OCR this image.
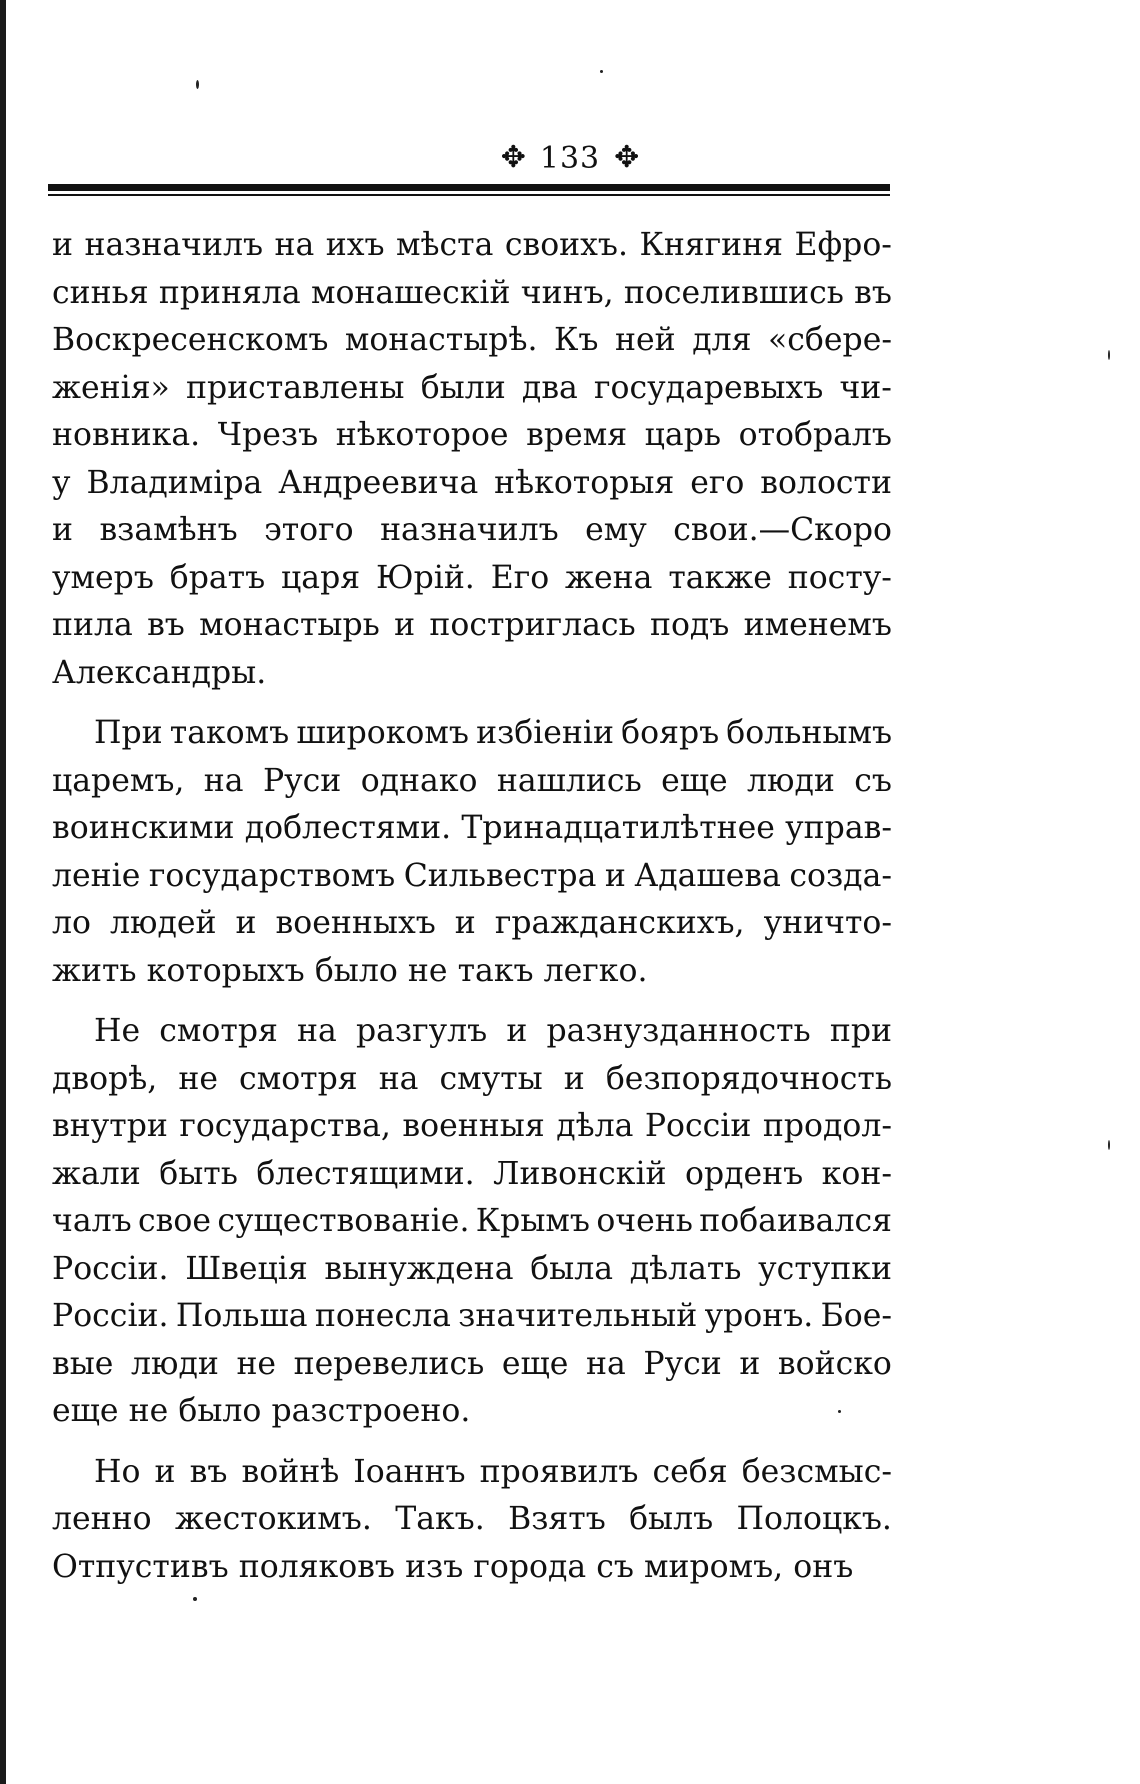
✥ 133 ✥
и назначилъ на ихъ мѣста своихъ. Княгиня Ефро-
синья приняла монашескій чинъ, поселившись въ
Воскресенскомъ монастырѣ. Къ ней для «сбере-
женія» приставлены были два государевыхъ чи-
новника. Чрезъ нѣкоторое время царь отобралъ
у Владиміра Андреевича нѣкоторыя его волости
и взамѣнъ этого назначилъ ему свои.—Скоро
умеръ братъ царя Юрій. Его жена также посту-
пила въ монастырь и постриглась подъ именемъ
Александры.
При такомъ широкомъ избіеніи бояръ больнымъ
царемъ, на Руси однако нашлись еще люди съ
воинскими доблестями. Тринадцатилѣтнее управ-
леніе государствомъ Сильвестра и Адашева созда-
ло людей и военныхъ и гражданскихъ, уничто-
жить которыхъ было не такъ легко.
Не смотря на разгулъ и разнузданность при
дворѣ, не смотря на смуты и безпорядочность
внутри государства, военныя дѣла Россіи продол-
жали быть блестящими. Ливонскій орденъ кон-
чалъ свое существованіе. Крымъ очень побаивался
Россіи. Швеція вынуждена была дѣлать уступки
Россіи. Польша понесла значительный уронъ. Бое-
вые люди не перевелись еще на Руси и войско
еще не было разстроено.
Но и въ войнѣ Іоаннъ проявилъ себя безсмыс-
ленно жестокимъ. Такъ. Взятъ былъ Полоцкъ.
Отпустивъ поляковъ изъ города съ миромъ, онъ
